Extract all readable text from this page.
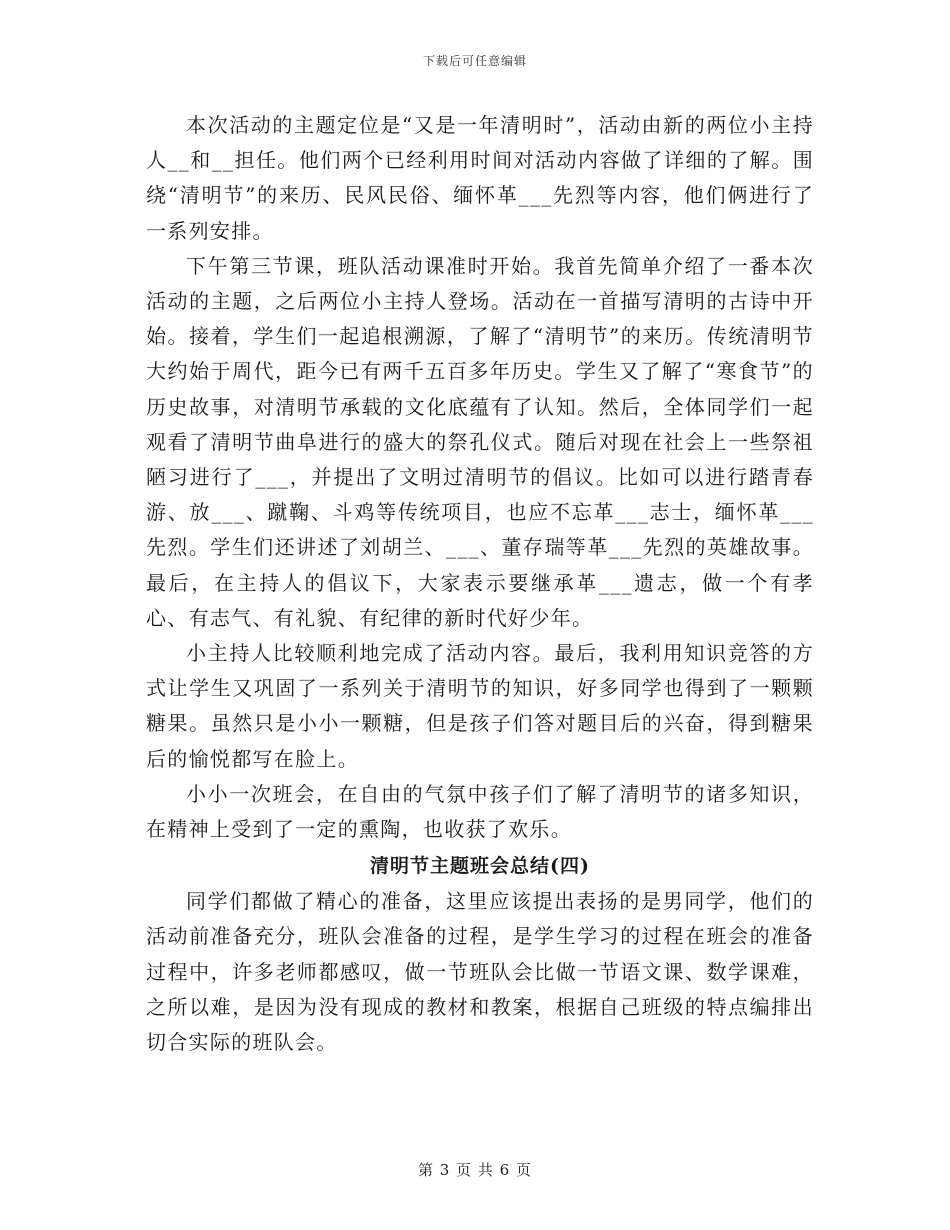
下载后可任意编辑

本次活动的主题定位是“又是一年清明时”，活动由新的两位小主持人__和__担任。他们两个已经利用时间对活动内容做了详细的了解。围绕“清明节”的来历、民风民俗、缅怀革___先烈等内容，他们俩进行了一系列安排。

下午第三节课，班队活动课准时开始。我首先简单介绍了一番本次活动的主题，之后两位小主持人登场。活动在一首描写清明的古诗中开始。接着，学生们一起追根溯源，了解了“清明节”的来历。传统清明节大约始于周代，距今已有两千五百多年历史。学生又了解了“寒食节”的历史故事，对清明节承载的文化底蕴有了认知。然后，全体同学们一起观看了清明节曲阜进行的盛大的祭孔仪式。随后对现在社会上一些祭祖陋习进行了___，并提出了文明过清明节的倡议。比如可以进行踏青春游、放___、蹴鞠、斗鸡等传统项目，也应不忘革___志士，缅怀革___先烈。学生们还讲述了刘胡兰、___、董存瑞等革___先烈的英雄故事。最后，在主持人的倡议下，大家表示要继承革___遗志，做一个有孝心、有志气、有礼貌、有纪律的新时代好少年。

小主持人比较顺利地完成了活动内容。最后，我利用知识竞答的方式让学生又巩固了一系列关于清明节的知识，好多同学也得到了一颗颗糖果。虽然只是小小一颗糖，但是孩子们答对题目后的兴奋，得到糖果后的愉悦都写在脸上。

小小一次班会，在自由的气氛中孩子们了解了清明节的诸多知识，在精神上受到了一定的熏陶，也收获了欢乐。

清明节主题班会总结(四)

同学们都做了精心的准备，这里应该提出表扬的是男同学，他们的活动前准备充分，班队会准备的过程，是学生学习的过程在班会的准备过程中，许多老师都感叹，做一节班队会比做一节语文课、数学课难，之所以难，是因为没有现成的教材和教案，根据自己班级的特点编排出切合实际的班队会。

第 3 页 共 6 页
